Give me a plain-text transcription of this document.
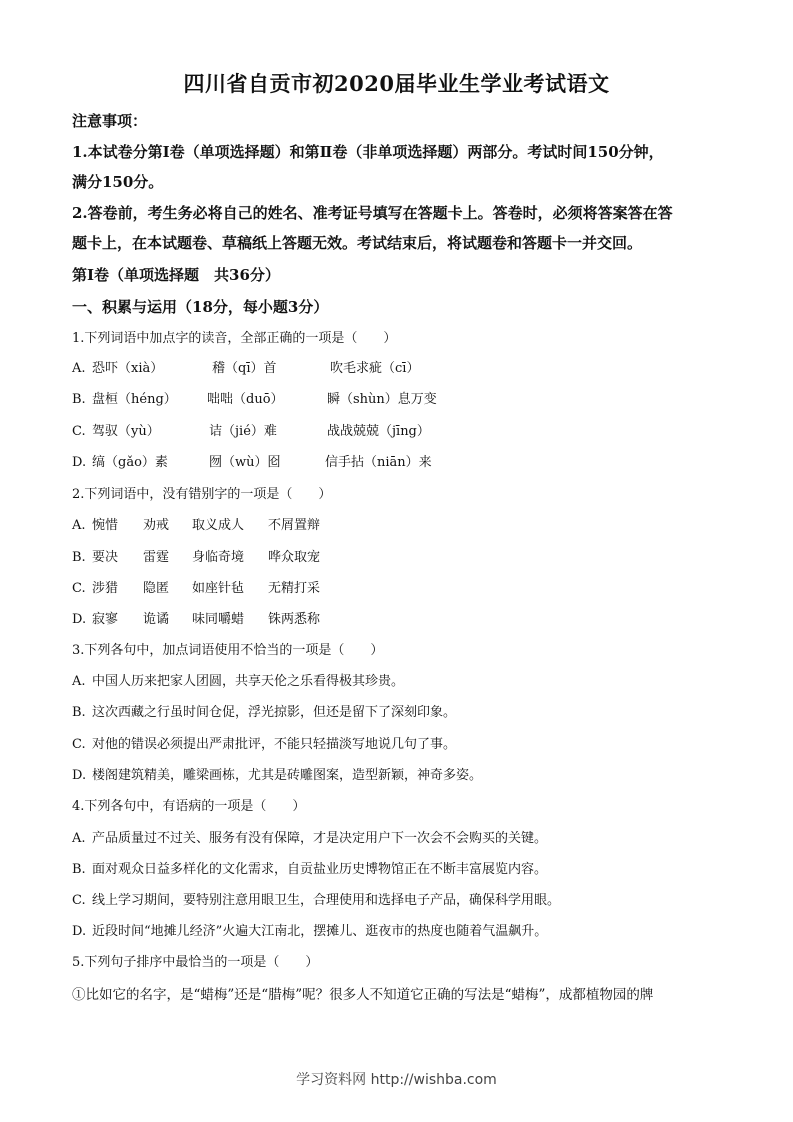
四川省自贡市初2020届毕业生学业考试语文
注意事项：
1.本试卷分第Ⅰ卷（单项选择题）和第Ⅱ卷（非单项选择题）两部分。考试时间150分钟，
满分150分。
2.答卷前，考生务必将自己的姓名、准考证号填写在答题卡上。答卷时，必须将答案答在答
题卡上，在本试题卷、草稿纸上答题无效。考试结束后，将试题卷和答题卡一并交回。
第Ⅰ卷（单项选择题　共36分）
一、积累与运用（18分，每小题3分）
1.下列词语中加点字的读音，全部正确的一项是（　　）
A. 恐吓（xià）	稽（qī）首	吹毛求疵（cī）
B. 盘桓（héng） 咄咄（duō）	瞬（shùn）息万变
C. 驾驭（yù）	诘（jié）难	战战兢兢（jīng）
D. 缟（gǎo）素	囫（wù）囵	信手拈（niān）来
2.下列词语中，没有错别字的一项是（　　）
A. 惋惜 劝戒 取义成人 不屑置辩
B. 要决 雷霆 身临奇境 哗众取宠
C. 涉猎 隐匿 如座针毡 无精打采
D. 寂寥 诡谲 味同嚼蜡 铢两悉称
3.下列各句中，加点词语使用不恰当的一项是（　　）
A. 中国人历来把家人团圆，共享天伦之乐看得极其珍贵。
B. 这次西藏之行虽时间仓促，浮光掠影，但还是留下了深刻印象。
C. 对他的错误必须提出严肃批评，不能只轻描淡写地说几句了事。
D. 楼阁建筑精美，雕梁画栋，尤其是砖雕图案，造型新颖，神奇多姿。
4.下列各句中，有语病的一项是（　　）
A. 产品质量过不过关、服务有没有保障，才是决定用户下一次会不会购买的关键。
B. 面对观众日益多样化的文化需求，自贡盐业历史博物馆正在不断丰富展览内容。
C. 线上学习期间，要特别注意用眼卫生，合理使用和选择电子产品，确保科学用眼。
D. 近段时间“地摊儿经济”火遍大江南北，摆摊儿、逛夜市的热度也随着气温飙升。
5.下列句子排序中最恰当的一项是（　　）
①比如它的名字，是“蜡梅”还是“腊梅”呢？很多人不知道它正确的写法是“蜡梅”，成都植物园的牌
学习资料网 http://wishba.com
